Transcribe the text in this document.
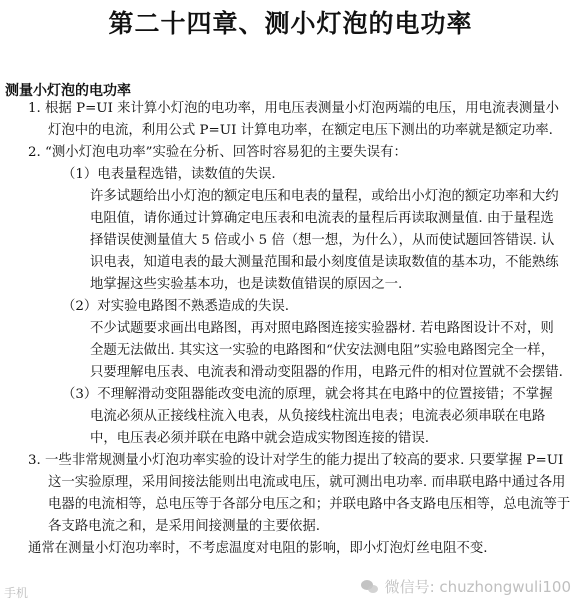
第二十四章、测小灯泡的电功率
测量小灯泡的电功率
1. 根据 P=UI 来计算小灯泡的电功率，用电压表测量小灯泡两端的电压，用电流表测量小灯泡中的电流，利用公式 P=UI 计算电功率，在额定电压下测出的功率就是额定功率.
2. “测小灯泡电功率”实验在分析、回答时容易犯的主要失误有：
（1）电表量程选错，读数值的失误.
许多试题给出小灯泡的额定电压和电表的量程，或给出小灯泡的额定功率和大约电阻值，请你通过计算确定电压表和电流表的量程后再读取测量值. 由于量程选择错误使测量值大 5 倍或小 5 倍（想一想，为什么），从而使试题回答错误. 认识电表，知道电表的最大测量范围和最小刻度值是读取数值的基本功，不能熟练地掌握这些实验基本功，也是读数值错误的原因之一.
（2）对实验电路图不熟悉造成的失误.
不少试题要求画出电路图，再对照电路图连接实验器材. 若电路图设计不对，则全题无法做出. 其实这一实验的电路图和“伏安法测电阻”实验电路图完全一样，只要理解电压表、电流表和滑动变阻器的作用，电路元件的相对位置就不会摆错.
（3）不理解滑动变阻器能改变电流的原理，就会将其在电路中的位置接错；不掌握
电流必须从正接线柱流入电表，从负接线柱流出电表；电流表必须串联在电路中，电压表必须并联在电路中就会造成实物图连接的错误.
3. 一些非常规测量小灯泡功率实验的设计对学生的能力提出了较高的要求. 只要掌握 P=UI 这一实验原理，采用间接法能则出电流或电压，就可测出电功率. 而串联电路中通过各用电器的电流相等，总电压等于各部分电压之和；并联电路中各支路电压相等，总电流等于各支路电流之和，是采用间接测量的主要依据.
通常在测量小灯泡功率时，不考虑温度对电阻的影响，即小灯泡灯丝电阻不变.
手机	微信号: chuzhongwuli100
